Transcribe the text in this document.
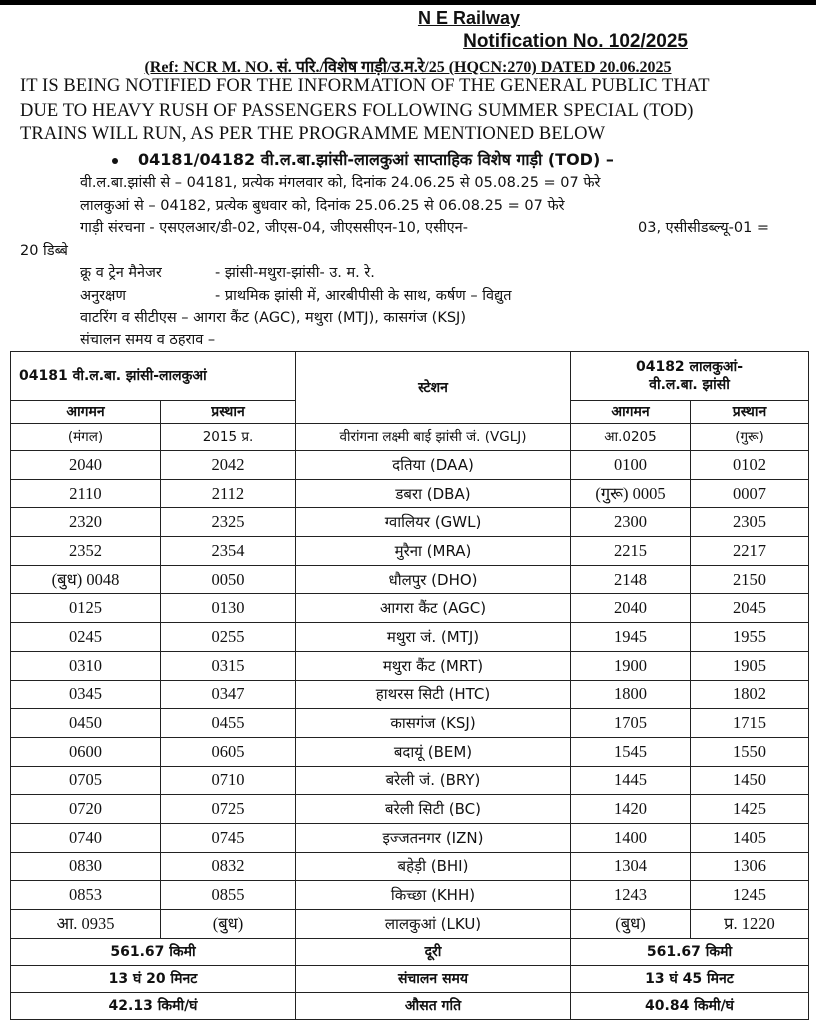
N E Railway
Notification No. 102/2025
(Ref: NCR M. NO. सं. परि./विशेष गाड़ी/उ.म.रे/25 (HQCN:270) DATED 20.06.2025
IT IS BEING NOTIFIED FOR THE INFORMATION OF THE GENERAL PUBLIC THAT
DUE TO HEAVY RUSH OF PASSENGERS FOLLOWING SUMMER SPECIAL (TOD)
TRAINS WILL RUN, AS PER THE PROGRAMME MENTIONED BELOW
04181/04182 वी.ल.बा.झांसी-लालकुआं साप्ताहिक विशेष गाड़ी (TOD) –
वी.ल.बा.झांसी से – 04181, प्रत्येक मंगलवार को, दिनांक 24.06.25 से 05.08.25 = 07 फेरे
लालकुआं से – 04182, प्रत्येक बुधवार को, दिनांक 25.06.25 से 06.08.25 = 07 फेरे
गाड़ी संरचना - एसएलआर/डी-02, जीएस-04, जीएससीएन-10, एसीएन-	03, एसीसीडब्ल्यू-01 =
20 डिब्बे
क्रू व ट्रेन मैनेजर	- झांसी-मथुरा-झांसी- उ. म. रे.
अनुरक्षण	- प्राथमिक झांसी में, आरबीपीसी के साथ, कर्षण – विद्युत
वाटरिंग व सीटीएस – आगरा कैंट (AGC), मथुरा (MTJ), कासगंज (KSJ)
संचालन समय व ठहराव –
04181 वी.ल.बा. झांसी-लालकुआं		स्टेशन	04182 लालकुआं-
वी.ल.बा. झांसी	

आगमन	प्रस्थान		आगमन	प्रस्थान
(मंगल)	2015 प्र.	वीरांगना लक्ष्मी बाई झांसी जं. (VGLJ)	आ.0205	(गुरू)
2040	2042	दतिया (DAA)	0100	0102
2110	2112	डबरा (DBA)	(गुरू) 0005	0007
2320	2325	ग्वालियर (GWL)	2300	2305
2352	2354	मुरैना (MRA)	2215	2217
(बुध) 0048	0050	धौलपुर (DHO)	2148	2150
0125	0130	आगरा कैंट (AGC)	2040	2045
0245	0255	मथुरा जं. (MTJ)	1945	1955
0310	0315	मथुरा कैंट (MRT)	1900	1905
0345	0347	हाथरस सिटी (HTC)	1800	1802
0450	0455	कासगंज (KSJ)	1705	1715
0600	0605	बदायूं (BEM)	1545	1550
0705	0710	बरेली जं. (BRY)	1445	1450
0720	0725	बरेली सिटी (BC)	1420	1425
0740	0745	इज्जतनगर (IZN)	1400	1405
0830	0832	बहेड़ी (BHI)	1304	1306
0853	0855	किच्छा (KHH)	1243	1245
आ. 0935	(बुध)	लालकुआं (LKU)	(बुध)	प्र. 1220
561.67 किमी		दूरी	561.67 किमी	
13 घं 20 मिनट		संचालन समय	13 घं 45 मिनट	
42.13 किमी/घं		औसत गति	40.84 किमी/घं	
